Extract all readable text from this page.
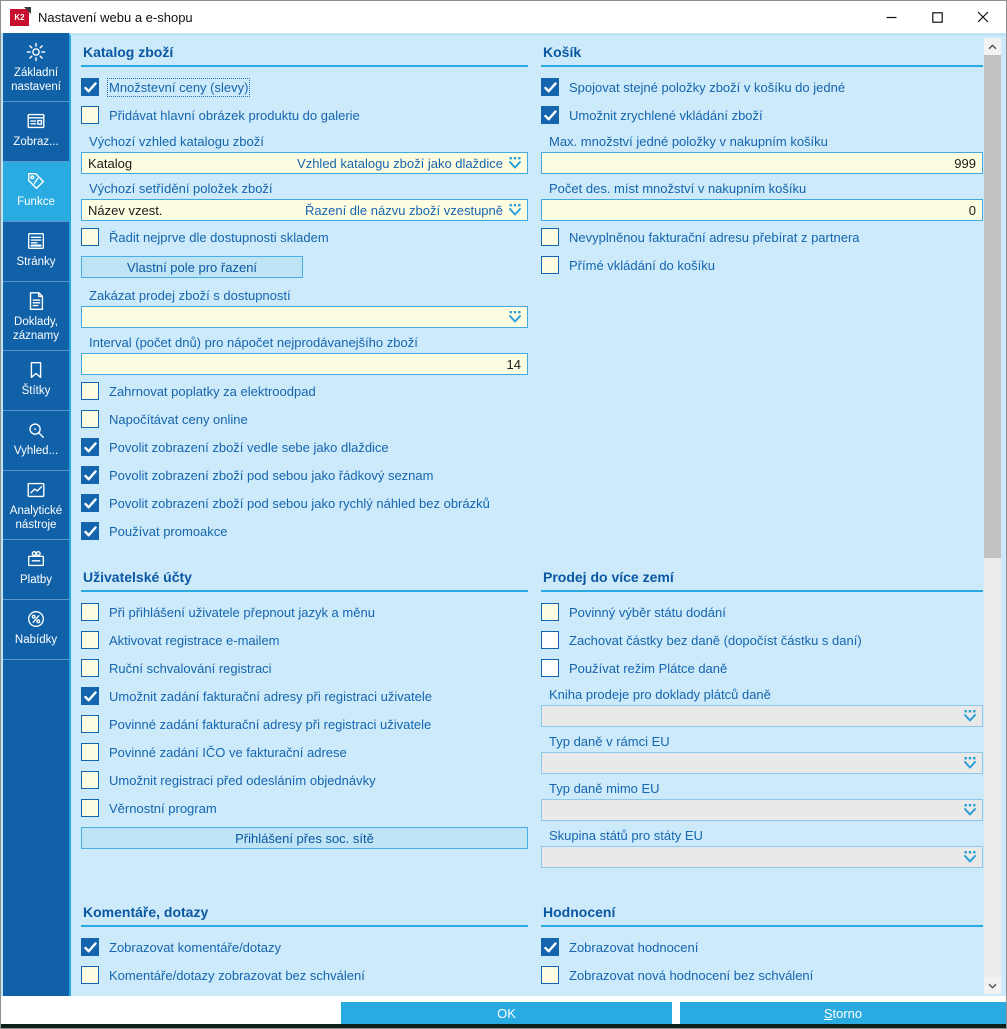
K2 Nastavení webu a e-shopu
Katalog zboží
Množstevní ceny (slevy)
Přidávat hlavní obrázek produktu do galerie
Výchozí vzhled katalogu zboží
Katalog	Vzhled katalogu zboží jako dlaždice
Výchozí setřídění položek zboží
Název vzest.	Řazení dle názvu zboží vzestupně
Řadit nejprve dle dostupnosti skladem
Vlastní pole pro řazení
Zakázat prodej zboží s dostupností
Interval (počet dnů) pro nápočet nejprodávanejšího zboží
14
Zahrnovat poplatky za elektroodpad
Napočítávat ceny online
Povolit zobrazení zboží vedle sebe jako dlaždice
Povolit zobrazení zboží pod sebou jako řádkový seznam
Povolit zobrazení zboží pod sebou jako rychlý náhled bez obrázků
Používat promoakce
Uživatelské účty
Při přihlášení uživatele přepnout jazyk a měnu
Aktivovat registrace e-mailem
Ruční schvalování registraci
Umožnit zadání fakturační adresy při registraci uživatele
Povinné zadání fakturační adresy při registraci uživatele
Povinné zadání IČO ve fakturační adrese
Umožnit registraci před odesláním objednávky
Věrnostní program
Přihlášení přes soc. sítě
Komentáře, dotazy
Zobrazovat komentáře/dotazy
Komentáře/dotazy zobrazovat bez schválení
Košík
Spojovat stejné položky zboží v košíku do jedné
Umožnit zrychlené vkládání zboží
Max. množství jedné položky v nakupním košíku
999
Počet des. míst množství v nakupním košíku
0
Nevyplněnou fakturační adresu přebírat z partnera
Přímé vkládání do košíku
Prodej do více zemí
Povinný výběr státu dodání
Zachovat částky bez daně (dopočíst částku s daní)
Používat režim Plátce daně
Kniha prodeje pro doklady plátců daně
Typ daně v rámci EU
Typ daně mimo EU
Skupina států pro státy EU
Hodnocení
Zobrazovat hodnocení
Zobrazovat nová hodnocení bez schválení
Základní nastavení
Zobraz...
Funkce
Stránky
Doklady, záznamy
Štítky
Vyhled...
Analytické nástroje
Platby
Nabídky
OK	S torno
